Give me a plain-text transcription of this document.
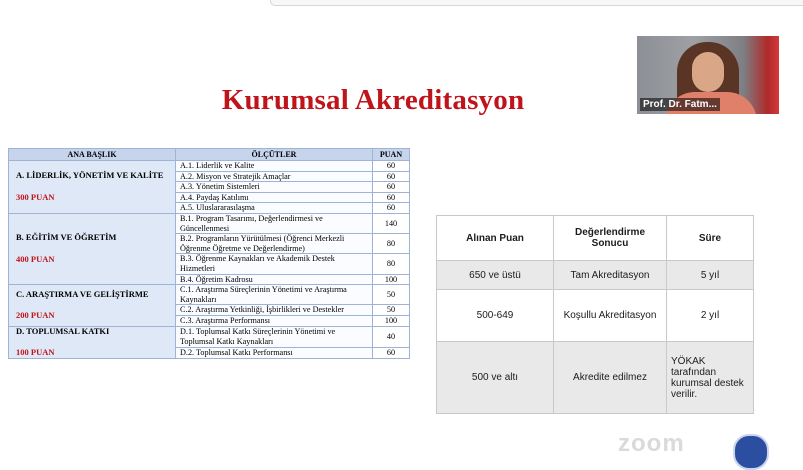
Kurumsal Akreditasyon	Prof. Dr. Fatm...
ANA BAŞLIK	ÖLÇÜTLER	PUAN
A. LİDERLİK, YÖNETİM VE KALİTE
300 PUAN	A.1. Liderlik ve Kalite	60
	A.2. Misyon ve Stratejik Amaçlar	60
	A.3. Yönetim Sistemleri	60
	A.4. Paydaş Katılımı	60
	A.5. Uluslararasılaşma	60
B. EĞİTİM VE ÖĞRETİM
400 PUAN	B.1. Program Tasarımı, Değerlendirmesi ve Güncellenmesi	140
	B.2. Programların Yürütülmesi (Öğrenci Merkezli Öğrenme Öğretme ve Değerlendirme)	80
	B.3. Öğrenme Kaynakları ve Akademik Destek Hizmetleri	80
	B.4. Öğretim Kadrosu	100
C. ARAŞTIRMA VE GELİŞTİRME
200 PUAN	C.1. Araştırma Süreçlerinin Yönetimi ve Araştırma Kaynakları	50
	C.2. Araştırma Yetkinliği, İşbirlikleri ve Destekler	50
	C.3. Araştırma Performansı	100
D. TOPLUMSAL KATKI
100 PUAN	D.1. Toplumsal Katkı Süreçlerinin Yönetimi ve Toplumsal Katkı Kaynakları	40
	D.2. Toplumsal Katkı Performansı	60
Alınan Puan	Değerlendirme Sonucu	Süre
650 ve üstü	Tam Akreditasyon	5 yıl
500-649	Koşullu Akreditasyon	2 yıl
500 ve altı	Akredite edilmez	YÖKAK tarafından kurumsal destek verilir.
zoom
